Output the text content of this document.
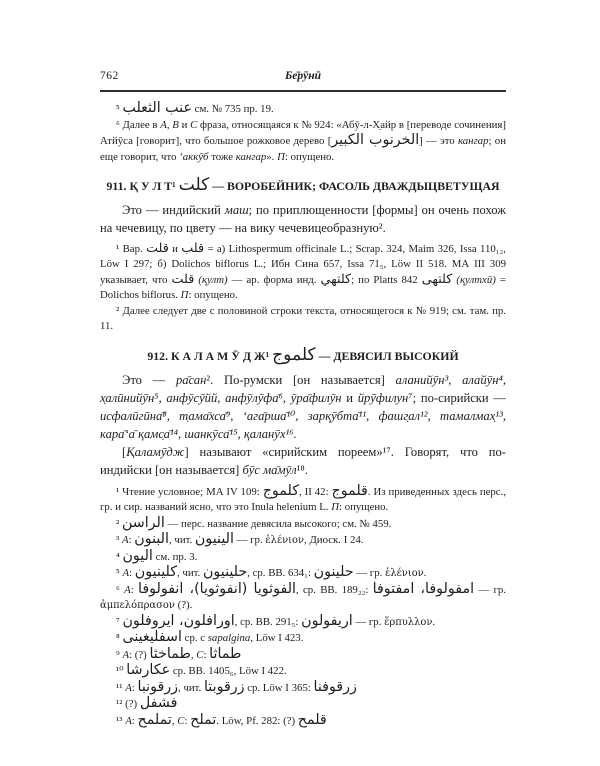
762	Бе̄рӯнӣ

⁵ عنب الثعلب см. № 735 пр. 19.

⁶ Далее в А, В и С фраза, относящаяся к № 924: «Абӯ-л-Х̣айр в [переводе сочинения] Атйӯса [говорит], что большое рожковое дерево [الخرنوب الكبير] — это кангар; он еще говорит, что ‘аккӯб тоже кангар». П: опущено.

911. Қ У Л Т¹ كلت — ВОРОБЕЙНИК; ФАСОЛЬ ДВАЖДЫЦВЕТУЩАЯ

Это — индийский маш; по приплющенности [формы] он очень похож на чечевицу, по цвету — на вику чечевицеобразную².

¹ Вар. قلت и قلب = а) Lithospermum officinale L.; Scrap. 324, Maim 326, Issa 110₁₂, Löw I 297; б) Dolichos biflorus L.; Ибн Сина 657, Issa 71₅, Löw II 518. МА III 309 указывает, что قلت (қулт) — ар. форма инд. كلتهي; по Platts 842 كلتهى (қултхӣ) = Dolichos biflorus. П: опущено.

² Далее следует две с половиной строки текста, относящегося к № 919; см. там. пр. 11.

912. К А Л А М Ӯ Д Ж¹ كلموج — ДЕВЯСИЛ ВЫСОКИЙ

Это — ра̄сан². По-румски [он называется] аланийӯн³, алайӯн⁴, х̣алӣнийӯн⁵, анфӯсӯйй, анфӯлӯфа̄⁶, ӯра̄филӯн и йрӯфилун⁷; по-сирийски — исфалӣгӣна̄⁸, т̣ама̄хса̄⁹, ‘ага̄рша̄¹⁰, зарқӯбта̄¹¹, фашг̣ал¹², тамалмах̣¹³, кара̄‘а̄ қамс̣а̄¹⁴, шанкӯса̄¹⁵, қаланӯх¹⁶.

[Қаламӯдж] называют «сирийским пореем»¹⁷. Говорят, что по-индийски [он называется] бӯс ма̄мӯл¹⁸.

¹ Чтение условное; МА IV 109: كلموج, II 42: قلموج. Из приведенных здесь перс., гр. и сир. названий ясно, что это Inula helenium L. П: опущено.

² الراسن — перс. название девясила высокого; см. № 459.

³ А: البنون, чит. الينيون — гр. ἑλένιον, Диоск. I 24.

⁴ اليون см. пр. 3.

⁵ А: كلينيون, чит. حلينيون, ср. ВВ. 634₁: حلينون — гр. ἑλένιον.

⁶ А: الفوثويا (انفوثويا)، انفولوفا, ср. ВВ. 189₂₂: امفولوفا، امفتوفا — гр. ἀμπελόπρασον (?).

⁷ اورافلون، ايروفلون, ср. ВВ. 291₅: اريفولون — гр. ἕρπυλλον.

⁸ اسفليغينى ср. с sapalgina, Löw I 423.

⁹ А: (?) طماخثا, С: طماثا

¹⁰ عكارشا ср. ВВ. 1405₆, Löw I 422.

¹¹ А: زرقونبا, чит. زرقوبتا ср. Löw I 365: زرقوفنا

¹² (?) فشفل

¹³ А: تملمح, С: تملح. Löw, Pf. 282: (?) قلمح
